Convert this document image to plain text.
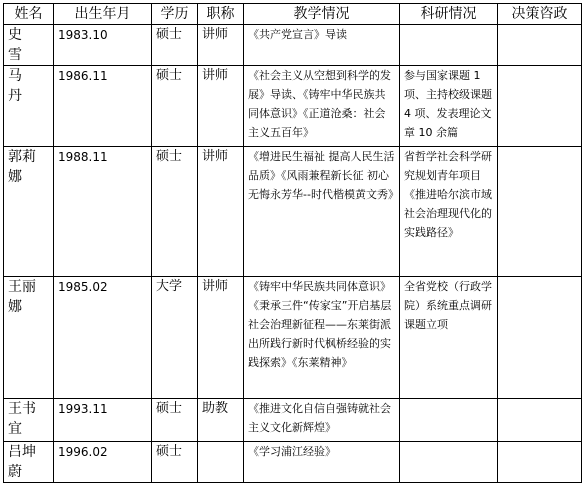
姓名	出生年月	学历	职称	教学情况	科研情况	决策咨政
史　雪	1983.10	硕士	讲师	《共产党宣言》导读		
马　丹	1986.11	硕士	讲师	《社会主义从空想到科学的发展》导读、《铸牢中华民族共同体意识》《正道沧桑：社会主义五百年》	参与国家课题 1 项、主持校级课题 4 项、发表理论文章 10 余篇	
郭莉娜	1988.11	硕士	讲师	《增进民生福祉 提高人民生活品质》《风雨兼程新长征 初心无悔永芳华--时代楷模黄文秀》	省哲学社会科学研究规划青年项目《推进哈尔滨市域社会治理现代化的实践路径》	
王丽娜	1985.02	大学	讲师	《铸牢中华民族共同体意识》《秉承三件“传家宝”开启基层社会治理新征程——东莱街派出所践行新时代枫桥经验的实践探索》《东莱精神》	全省党校（行政学院）系统重点调研课题立项	
王书宜	1993.11	硕士	助教	《推进文化自信自强铸就社会主义文化新辉煌》		
吕坤蔚	1996.02	硕士		《学习浦江经验》		
